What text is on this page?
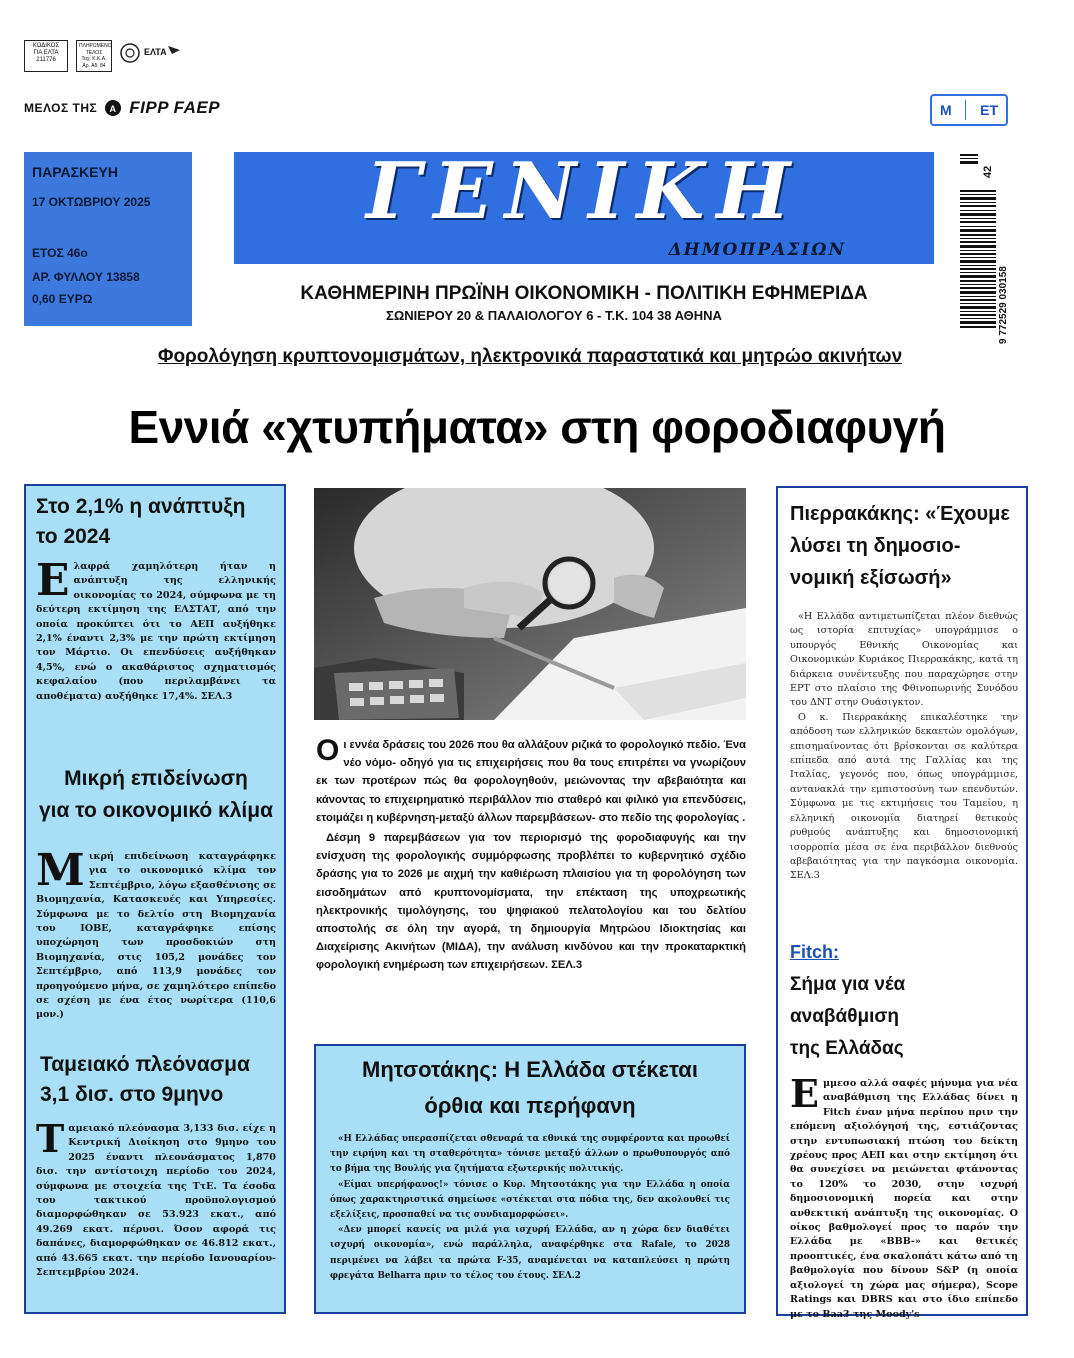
ΚΩΔΙΚΟΣ
ΓΙΑ ΕΛΤΑ
211776
ΠΛΗΡΩΜΕΝΟ
ΤΕΛΟΣ
Ταχ. Κ.Κ.Α.
Αρ. Αδ. 84
ΕΛΤΑ
ΜΕΛΟΣ ΤΗΣ A FIPP FAEP	Μ ΕΤ
ΠΑΡΑΣΚΕΥΗ
17 ΟΚΤΩΒΡΙΟΥ 2025
ΕΤΟΣ 46ο
ΑΡ. ΦΥΛΛΟΥ 13858
0,60 ΕΥΡΩ
ΓΕΝΙΚΗ
ΔΗΜΟΠΡΑΣΙΩΝ
ΚΑΘΗΜΕΡΙΝΗ ΠΡΩΪΝΗ ΟΙΚΟΝΟΜΙΚΗ - ΠΟΛΙΤΙΚΗ ΕΦΗΜΕΡΙΔΑ
ΣΩΝΙΕΡΟΥ 20 & ΠΑΛΑΙΟΛΟΓΟΥ 6 - Τ.Κ. 104 38 ΑΘΗΝΑ
42
9 772529 030158
Φορολόγηση κρυπτονομισμάτων, ηλεκτρονικά παραστατικά και μητρώο ακινήτων
Εννιά «χτυπήματα» στη φοροδιαφυγή
Στο 2,1% η ανάπτυξη
το 2024
Ε λαφρά χαμηλότερη ήταν η ανάπτυξη της ελληνικής οικονομίας το 2024, σύμφωνα με τη δεύτερη εκτίμηση της ΕΛΣΤΑΤ, από την οποία προκύπτει ότι το ΑΕΠ αυξήθηκε 2,1% έναντι 2,3% με την πρώτη εκτίμηση τον Μάρτιο. Οι επενδύσεις αυξήθηκαν 4,5%, ενώ ο ακαθάριστος σχηματισμός κεφαλαίου (που περιλαμβάνει τα αποθέματα) αυξήθηκε 17,4%. ΣΕΛ.3
Μικρή επιδείνωση
για το οικονομικό κλίμα
Μ ικρή επιδείνωση καταγράφηκε για το οικονομικό κλίμα τον Σεπτέμβριο, λόγω εξασθένισης σε Βιομηχανία, Κατασκευές και Υπηρεσίες. Σύμφωνα με το δελτίο στη Βιομηχανία του ΙΟΒΕ, καταγράφηκε επίσης υποχώρηση των προσδοκιών στη Βιομηχανία, στις 105,2 μονάδες τον Σεπτέμβριο, από 113,9 μονάδες τον προηγούμενο μήνα, σε χαμηλότερο επίπεδο σε σχέση με ένα έτος νωρίτερα (110,6 μον.)
Ταμειακό πλεόνασμα
3,1 δισ. στο 9μηνο
Τ αμειακό πλεόνασμα 3,133 δισ. είχε η Κεντρική Διοίκηση στο 9μηνο του 2025 έναντι πλεονάσματος 1,870 δισ. την αντίστοιχη περίοδο του 2024, σύμφωνα με στοιχεία της ΤτΕ. Τα έσοδα του τακτικού προϋπολογισμού διαμορφώθηκαν σε 53.923 εκατ., από 49.269 εκατ. πέρυσι. Όσον αφορά τις δαπάνες, διαμορφώθηκαν σε 46.812 εκατ., από 43.665 εκατ. την περίοδο Ιανουαρίου-Σεπτεμβρίου 2024.
Ο ι εννέα δράσεις του 2026 που θα αλλάξουν ριζικά το φορολογικό πεδίο. Ένα νέο νόμο- οδηγό για τις επιχειρήσεις που θα τους επιτρέπει να γνωρίζουν εκ των προτέρων πώς θα φορολογηθούν, μειώνοντας την αβεβαιότητα και κάνοντας το επιχειρηματικό περιβάλλον πιο σταθερό και φιλικό για επενδύσεις, ετοιμάζει η κυβέρνηση-μεταξύ άλλων παρεμβάσεων- στο πεδίο της φορολογίας .
Δέσμη 9 παρεμβάσεων για τον περιορισμό της φοροδιαφυγής και την ενίσχυση της φορολογικής συμμόρφωσης προβλέπει το κυβερνητικό σχέδιο δράσης για το 2026 με αιχμή την καθιέρωση πλαισίου για τη φορολόγηση των εισοδημάτων από κρυπτονομίσματα, την επέκταση της υποχρεωτικής ηλεκτρονικής τιμολόγησης, του ψηφιακού πελατολογίου και του δελτίου αποστολής σε όλη την αγορά, τη δημιουργία Μητρώου Ιδιοκτησίας και Διαχείρισης Ακινήτων (ΜΙΔΑ), την ανάλυση κινδύνου και την προκαταρκτική φορολογική ενημέρωση των επιχειρήσεων. ΣΕΛ.3
Μητσοτάκης: Η Ελλάδα στέκεται
όρθια και περήφανη
«Η Ελλάδας υπερασπίζεται σθεναρά τα εθνικά της συμφέροντα και προωθεί την ειρήνη και τη σταθερότητα» τόνισε μεταξύ άλλων ο πρωθυπουργός από το βήμα της Βουλής για ζητήματα εξωτερικής πολιτικής.
«Είμαι υπερήφανος!» τόνισε ο Κυρ. Μητσοτάκης για την Ελλάδα η οποία όπως χαρακτηριστικά σημείωσε «στέκεται στα πόδια της, δεν ακολουθεί τις εξελίξεις, προσπαθεί να τις συνδιαμορφώσει».
«Δεν μπορεί κανείς να μιλά για ισχυρή Ελλάδα, αν η χώρα δεν διαθέτει ισχυρή οικονομία», ενώ παράλληλα, αναφέρθηκε στα Rafale, το 2028 περιμένει να λάβει τα πρώτα F-35, αναμένεται να καταπλεύσει η πρώτη φρεγάτα Belharra πριν το τέλος του έτους. ΣΕΛ.2
Πιερρακάκης: «Έχουμε
λύσει τη δημοσιο-
νομική εξίσωσή»
«Η Ελλάδα αντιμετωπίζεται πλέον διεθνώς ως ιστορία επιτυχίας» υπογράμμισε ο υπουργός Εθνικής Οικονομίας και Οικονομικών Κυριάκος Πιερρακάκης, κατά τη διάρκεια συνέντευξης που παραχώρησε στην ΕΡΤ στο πλαίσιο της Φθινοπωρινής Συνόδου του ΔΝΤ στην Ουάσιγκτον.
Ο κ. Πιερρακάκης επικαλέστηκε την απόδοση των ελληνικών δεκαετών ομολόγων, επισημαίνοντας ότι βρίσκονται σε καλύτερα επίπεδα από αυτά της Γαλλίας και της Ιταλίας, γεγονός που, όπως υπογράμμισε, αντανακλά την εμπιστοσύνη των επενδυτών. Σύμφωνα με τις εκτιμήσεις του Ταμείου, η ελληνική οικονομία διατηρεί θετικούς ρυθμούς ανάπτυξης και δημοσιονομική ισορροπία μέσα σε ένα περιβάλλον διεθνούς αβεβαιότητας για την παγκόσμια οικονομία. ΣΕΛ.3
Fitch:
Σήμα για νέα αναβάθμιση
της Ελλάδας
Ε μμεσο αλλά σαφές μήνυμα για νέα αναβάθμιση της Ελλάδας δίνει η Fitch έναν μήνα περίπου πριν την επόμενη αξιολόγησή της, εστιάζοντας στην εντυπωσιακή πτώση του δείκτη χρέους προς ΑΕΠ και στην εκτίμηση ότι θα συνεχίσει να μειώνεται φτάνοντας το 120% το 2030, στην ισχυρή δημοσιονομική πορεία και στην ανθεκτική ανάπτυξη της οικονομίας. Ο οίκος βαθμολογεί προς το παρόν την Ελλάδα με «ΒΒΒ-» και θετικές προοπτικές, ένα σκαλοπάτι κάτω από τη βαθμολογία που δίνουν S&P (η οποία αξιολογεί τη χώρα μας σήμερα), Scope Ratings και DBRS και στο ίδιο επίπεδο με το Baa3 της Moody's
